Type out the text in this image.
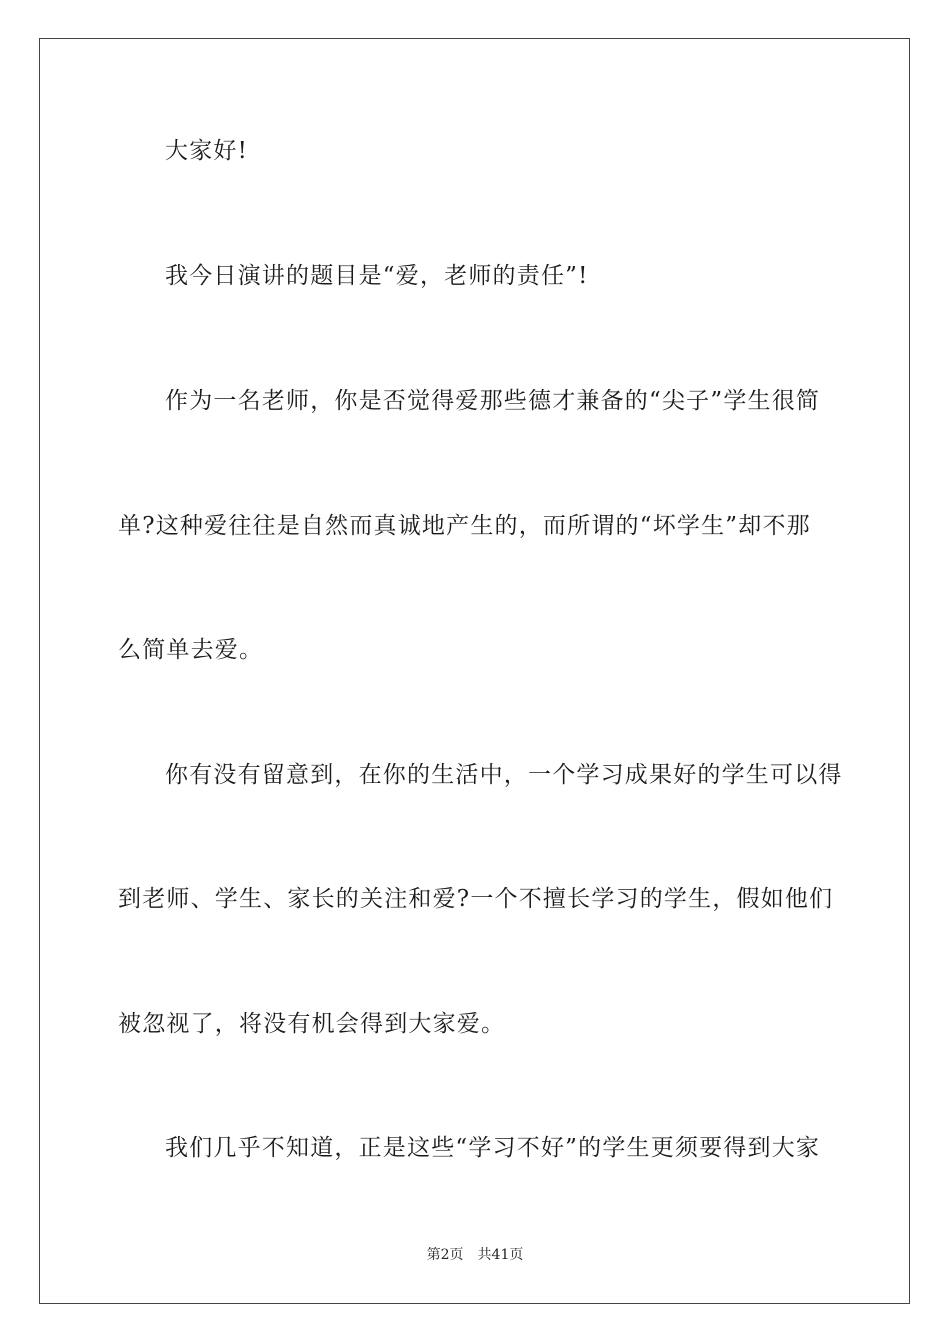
大家好!
我今日演讲的题目是“爱，老师的责任”!
作为一名老师，你是否觉得爱那些德才兼备的“尖子”学生很简
单?这种爱往往是自然而真诚地产生的，而所谓的“坏学生”却不那
么简单去爱。
你有没有留意到，在你的生活中，一个学习成果好的学生可以得
到老师、学生、家长的关注和爱?一个不擅长学习的学生，假如他们
被忽视了，将没有机会得到大家爱。
我们几乎不知道，正是这些“学习不好”的学生更须要得到大家
第2页 共41页
